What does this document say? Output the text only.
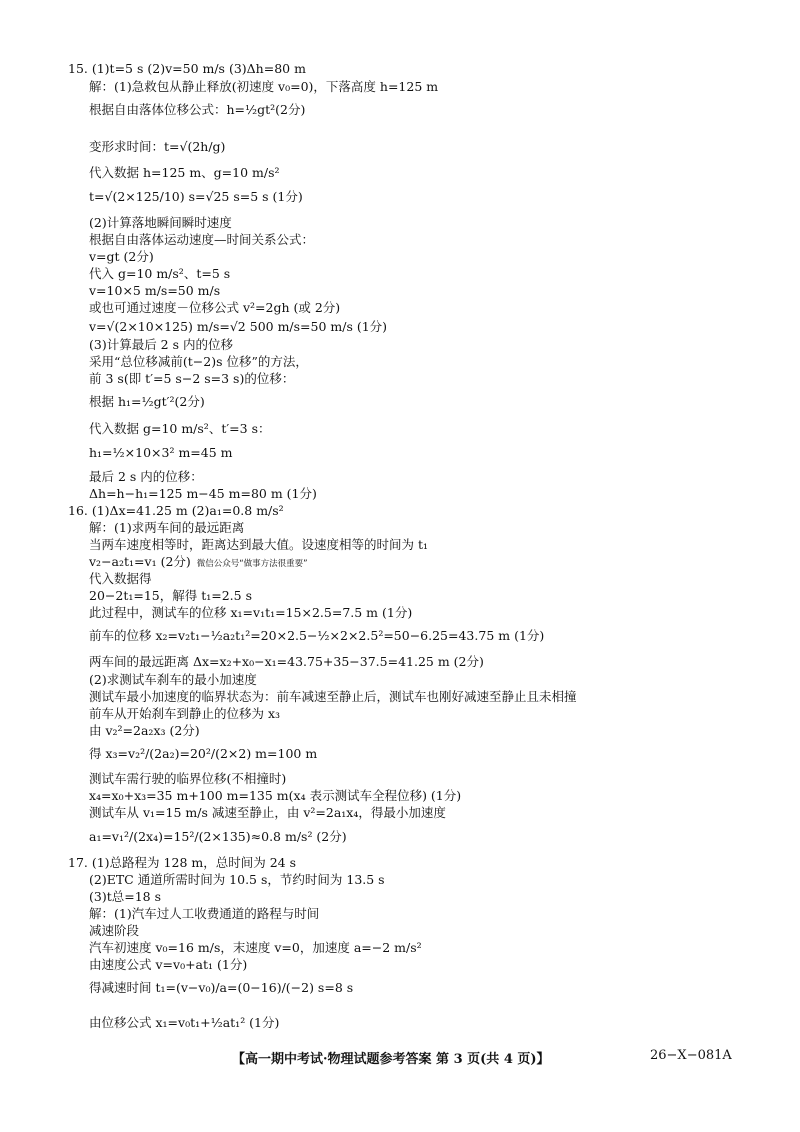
15. (1)t=5 s (2)v=50 m/s (3)Δh=80 m
解：(1)急救包从静止释放(初速度 v₀=0)，下落高度 h=125 m
根据自由落体位移公式：h=½gt²(2分)
变形求时间：t=√(2h/g)
代入数据 h=125 m、g=10 m/s²
t=√(2×125/10) s=√25 s=5 s (1分)
(2)计算落地瞬间瞬时速度
根据自由落体运动速度—时间关系公式：
v=gt (2分)
代入 g=10 m/s²、t=5 s
v=10×5 m/s=50 m/s
或也可通过速度－位移公式 v²=2gh (或 2分)
v=√(2×10×125) m/s=√2 500 m/s=50 m/s (1分)
(3)计算最后 2 s 内的位移
采用“总位移减前(t−2)s 位移”的方法，
前 3 s(即 t′=5 s−2 s=3 s)的位移：
根据 h₁=½gt′²(2分)
代入数据 g=10 m/s²、t′=3 s：
h₁=½×10×3² m=45 m
最后 2 s 内的位移：
Δh=h−h₁=125 m−45 m=80 m (1分)
16. (1)Δx=41.25 m (2)a₁=0.8 m/s²
解：(1)求两车间的最远距离
当两车速度相等时，距离达到最大值。设速度相等的时间为 t₁
v₂−a₂t₁=v₁ (2分) 微信公众号“做事方法很重要”
代入数据得
20−2t₁=15，解得 t₁=2.5 s
此过程中，测试车的位移 x₁=v₁t₁=15×2.5=7.5 m (1分)
前车的位移 x₂=v₂t₁−½a₂t₁²=20×2.5−½×2×2.5²=50−6.25=43.75 m (1分)
两车间的最远距离 Δx=x₂+x₀−x₁=43.75+35−37.5=41.25 m (2分)
(2)求测试车刹车的最小加速度
测试车最小加速度的临界状态为：前车减速至静止后，测试车也刚好减速至静止且未相撞
前车从开始刹车到静止的位移为 x₃
由 v₂²=2a₂x₃ (2分)
得 x₃=v₂²/(2a₂)=20²/(2×2) m=100 m
测试车需行驶的临界位移(不相撞时)
x₄=x₀+x₃=35 m+100 m=135 m(x₄ 表示测试车全程位移) (1分)
测试车从 v₁=15 m/s 减速至静止，由 v²=2a₁x₄，得最小加速度
a₁=v₁²/(2x₄)=15²/(2×135)≈0.8 m/s² (2分)
17. (1)总路程为 128 m，总时间为 24 s
(2)ETC 通道所需时间为 10.5 s，节约时间为 13.5 s
(3)t总=18 s
解：(1)汽车过人工收费通道的路程与时间
减速阶段
汽车初速度 v₀=16 m/s，末速度 v=0，加速度 a=−2 m/s²
由速度公式 v=v₀+at₁ (1分)
得减速时间 t₁=(v−v₀)/a=(0−16)/(−2) s=8 s
由位移公式 x₁=v₀t₁+½at₁² (1分)
【高一期中考试·物理试题参考答案 第 3 页(共 4 页)】	26−X−081A
